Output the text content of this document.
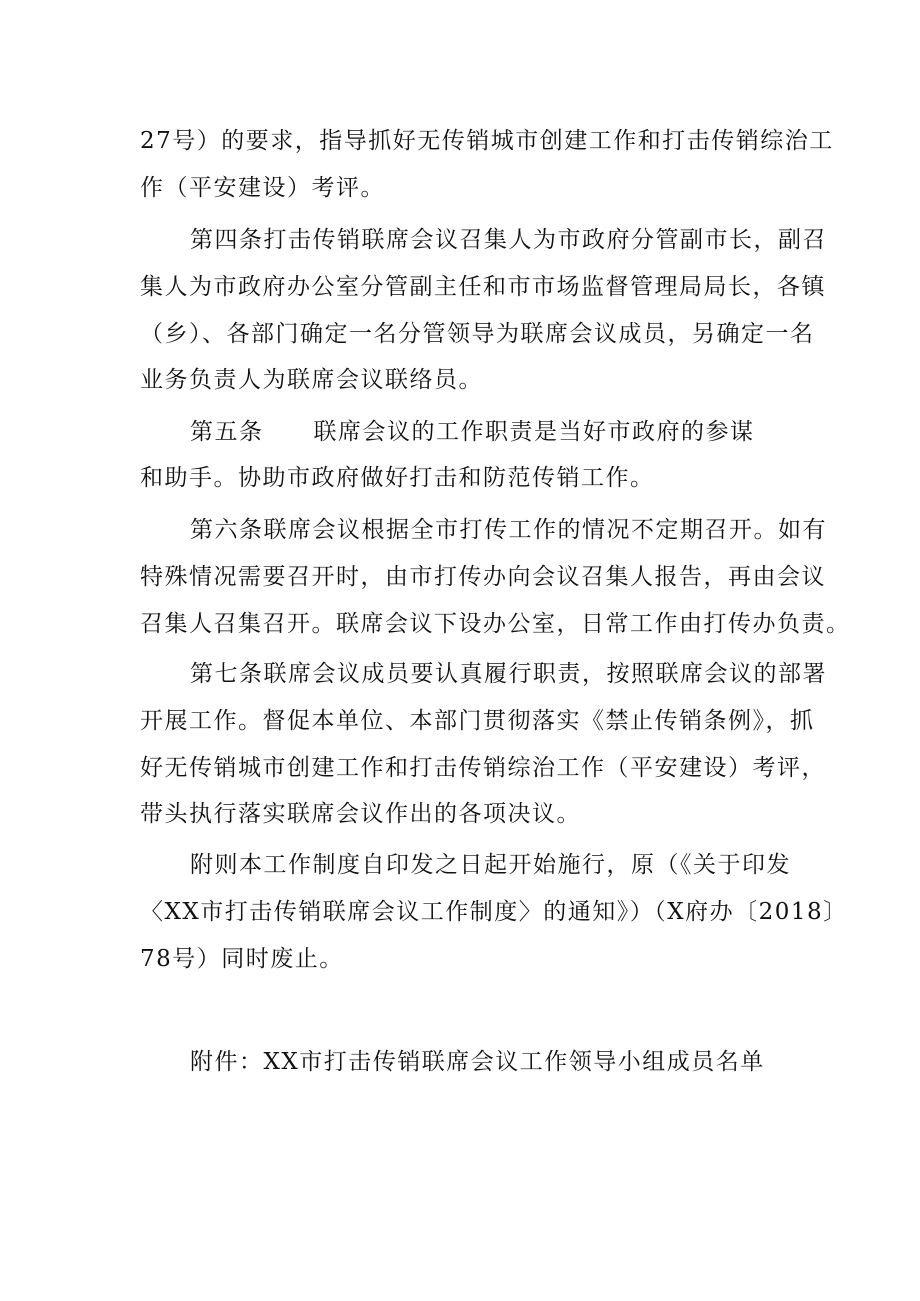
27号）的要求，指导抓好无传销城市创建工作和打击传销综治工
作（平安建设）考评。
第四条打击传销联席会议召集人为市政府分管副市长，副召
集人为市政府办公室分管副主任和市市场监督管理局局长，各镇
（乡）、各部门确定一名分管领导为联席会议成员，另确定一名
业务负责人为联席会议联络员。
第五条 联席会议的工作职责是当好市政府的参谋
和助手。协助市政府做好打击和防范传销工作。
第六条联席会议根据全市打传工作的情况不定期召开。如有
特殊情况需要召开时，由市打传办向会议召集人报告，再由会议
召集人召集召开。联席会议下设办公室，日常工作由打传办负责。
第七条联席会议成员要认真履行职责，按照联席会议的部署
开展工作。督促本单位、本部门贯彻落实《禁止传销条例》，抓
好无传销城市创建工作和打击传销综治工作（平安建设）考评，
带头执行落实联席会议作出的各项决议。
附则本工作制度自印发之日起开始施行，原（《关于印发
〈XX市打击传销联席会议工作制度〉的通知》）（X府办〔2018〕
78号）同时废止。
附件：XX市打击传销联席会议工作领导小组成员名单
